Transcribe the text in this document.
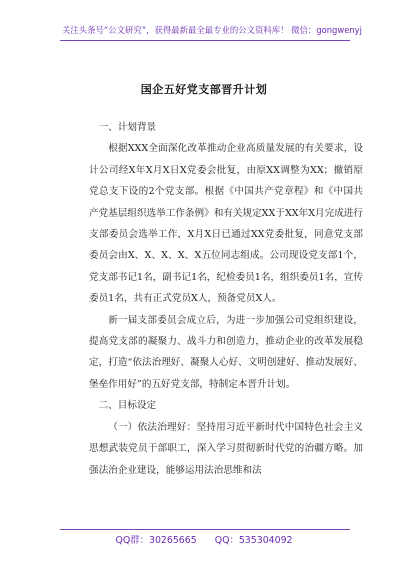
关注头条号“公文研究”，获得最新最全最专业的公文资料库！ 微信：gongwenyj
国企五好党支部晋升计划

一、计划背景

根据XXX全面深化改革推动企业高质量发展的有关要求，设计公司经X年X月X日X党委会批复，由原XX调整为XX；撤销原党总支下设的2个党支部。根据《中国共产党章程》和《中国共产党基层组织选举工作条例》和有关规定XX于XX年X月完成进行支部委员会选举工作，X月X日已通过XX党委批复，同意党支部委员会由X、X、X、X、X五位同志组成。公司现设党支部1个，党支部书记1名，副书记1名，纪检委员1名，组织委员1名，宣传委员1名，共有正式党员X人，预备党员X人。

新一届支部委员会成立后，为进一步加强公司党组织建设，提高党支部的凝聚力、战斗力和创造力，推动企业的改革发展稳定，打造“依法治理好、凝聚人心好、文明创建好、推动发展好、堡垒作用好”的五好党支部，特制定本晋升计划。

二、目标设定

（一）依法治理好：坚持用习近平新时代中国特色社会主义思想武装党员干部职工，深入学习贯彻新时代党的治疆方略。加强法治企业建设，能够运用法治思维和法

QQ群：30265665 QQ：535304092
